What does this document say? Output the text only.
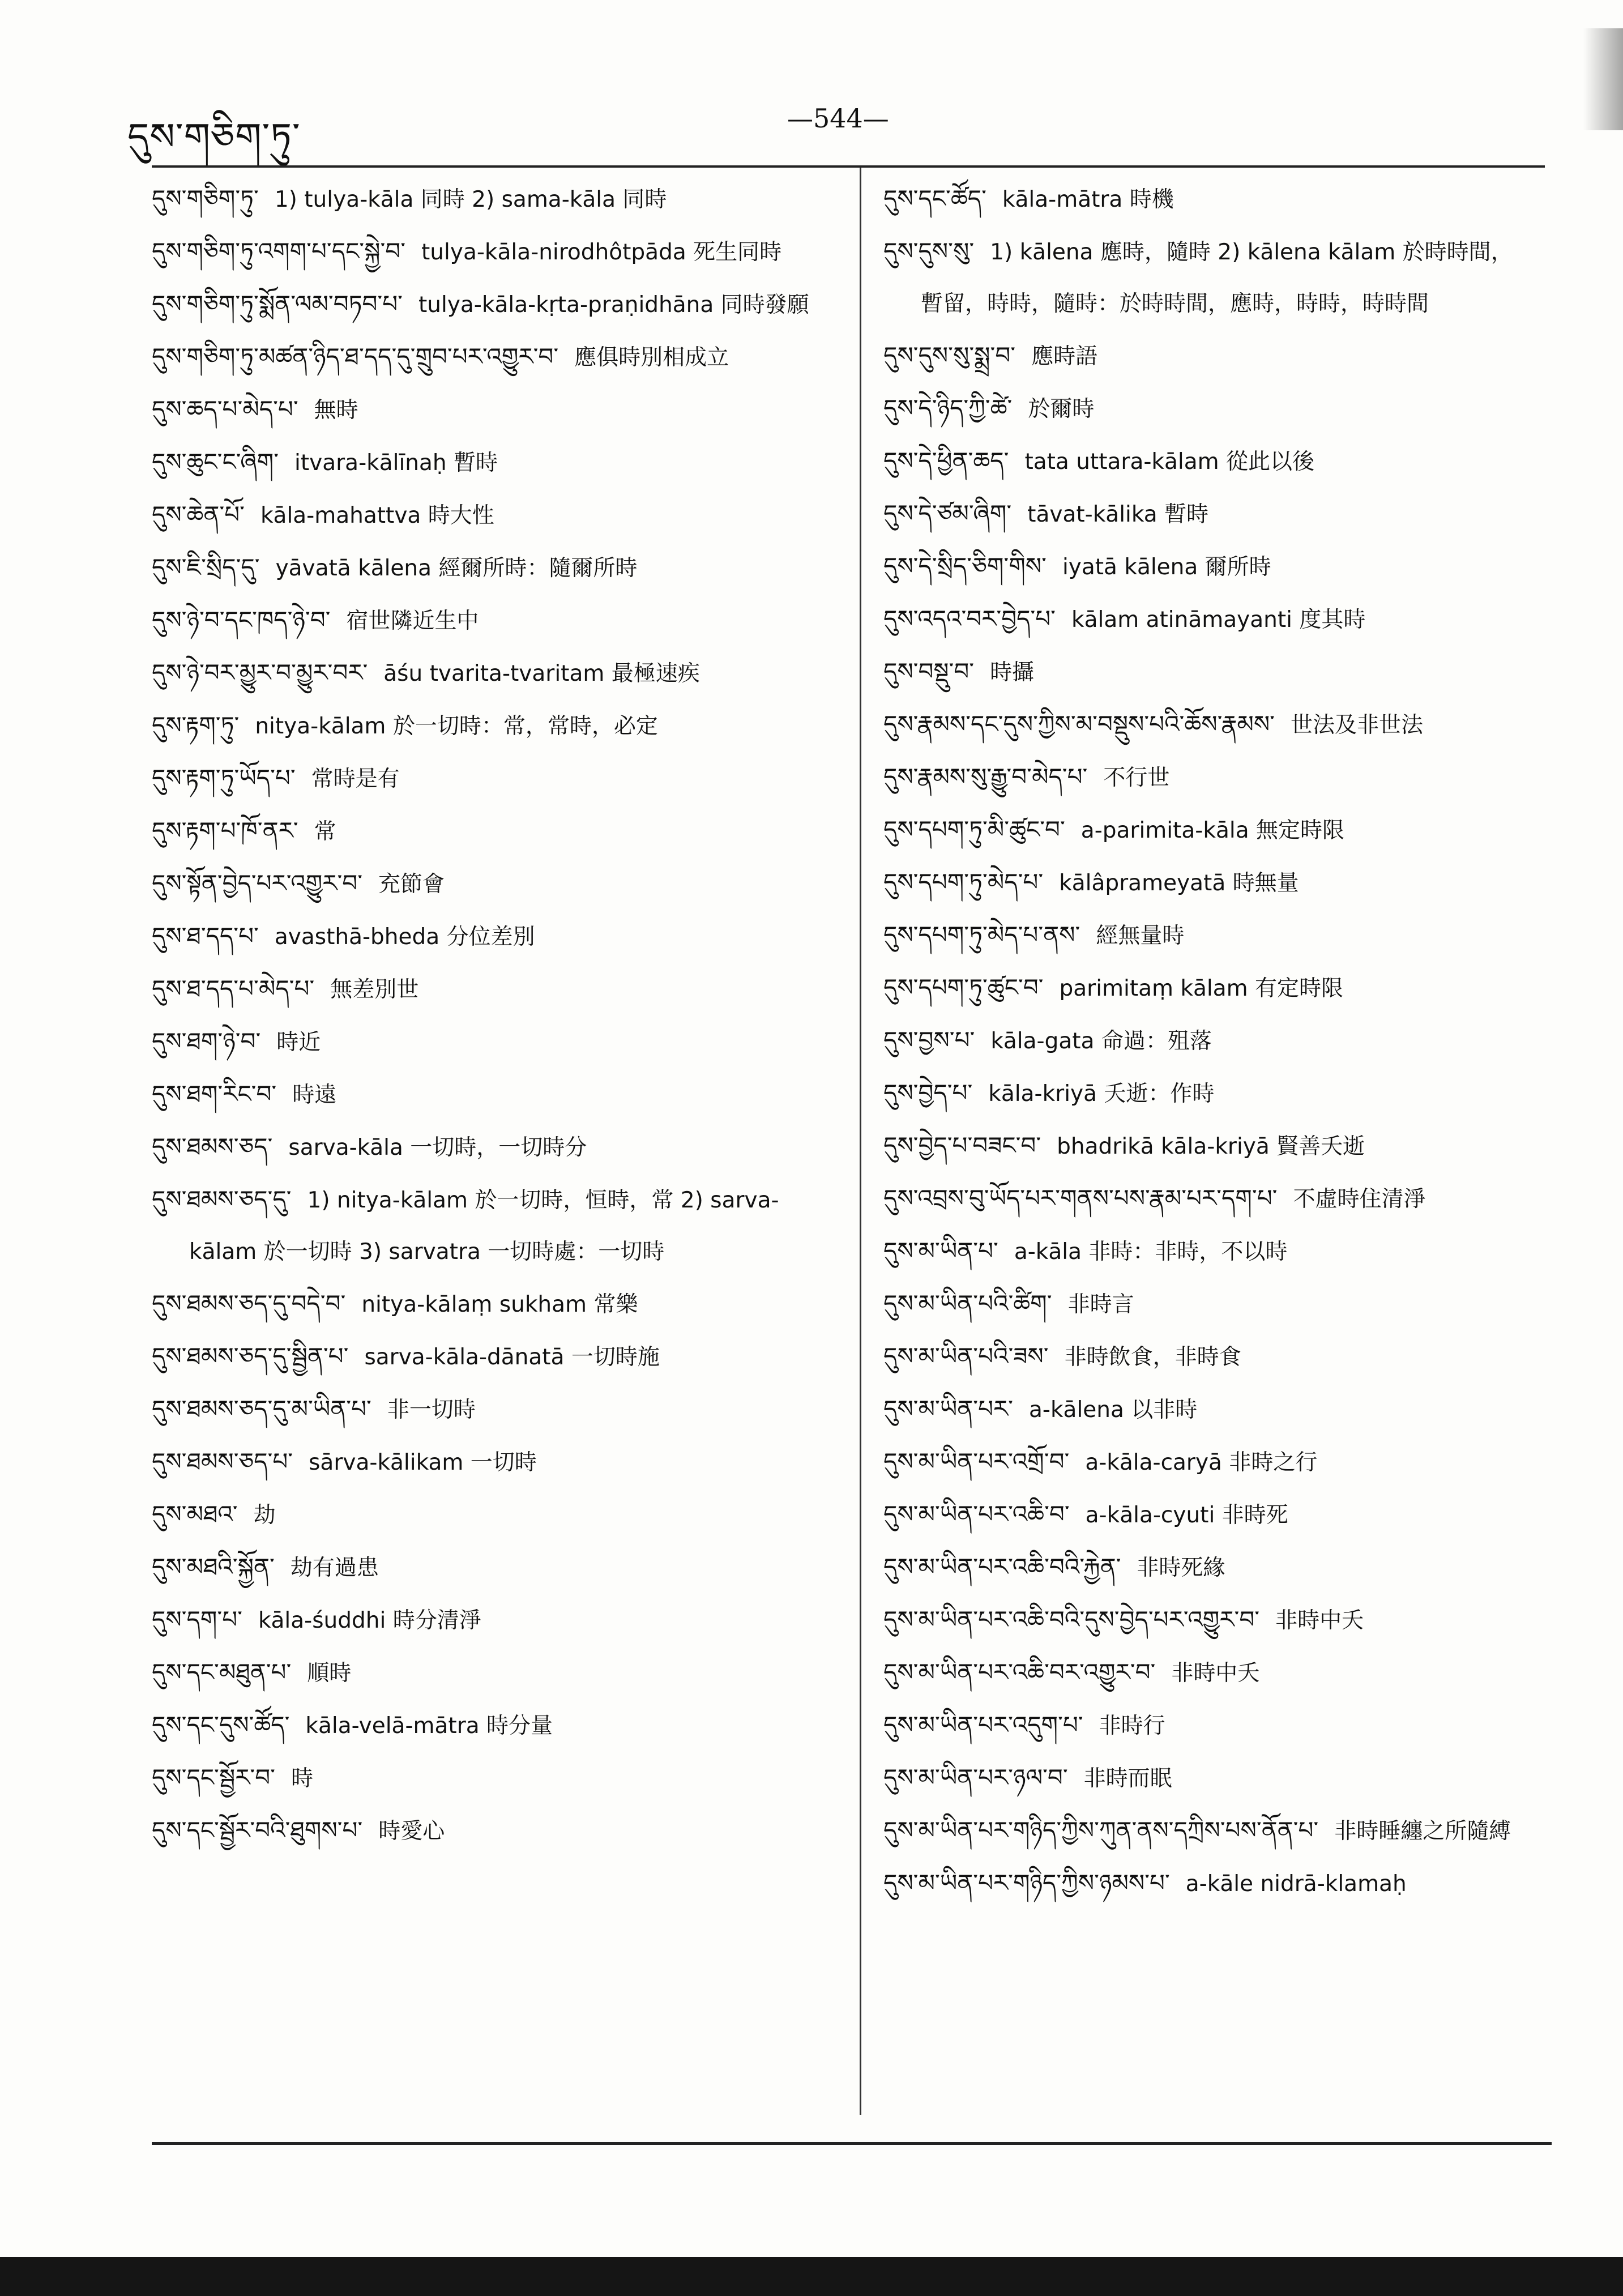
དུས་གཅིག་ཏུ་	—544—
དུས་གཅིག་ཏུ་ 1) tulya-kāla 同時 2) sama-kāla 同時
དུས་གཅིག་ཏུ་འགག་པ་དང་སྐྱེ་བ་ tulya-kāla-nirodhôtpāda 死生同時
དུས་གཅིག་ཏུ་སྨོན་ལམ་བཏབ་པ་ tulya-kāla-kṛta-praṇidhāna 同時發願
དུས་གཅིག་ཏུ་མཚན་ཉིད་ཐ་དད་དུ་གྲུབ་པར་འགྱུར་བ་ 應俱時別相成立
དུས་ཆད་པ་མེད་པ་ 無時
དུས་ཆུང་ང་ཞིག་ itvara-kālīnaḥ 暫時
དུས་ཆེན་པོ་ kāla-mahattva 時大性
དུས་ཇི་སྲིད་དུ་ yāvatā kālena 經爾所時：隨爾所時
དུས་ཉེ་བ་དང་ཁད་ཉེ་བ་ 宿世隣近生中
དུས་ཉེ་བར་མྱུར་བ་མྱུར་བར་ āśu tvarita-tvaritam 最極速疾
དུས་རྟག་ཏུ་ nitya-kālam 於一切時：常，常時，必定
དུས་རྟག་ཏུ་ཡོད་པ་ 常時是有
དུས་རྟག་པ་ཁོ་ནར་ 常
དུས་སྟོན་བྱེད་པར་འགྱུར་བ་ 充節會
དུས་ཐ་དད་པ་ avasthā-bheda 分位差別
དུས་ཐ་དད་པ་མེད་པ་ 無差別世
དུས་ཐག་ཉེ་བ་ 時近
དུས་ཐག་རིང་བ་ 時遠
དུས་ཐམས་ཅད་ sarva-kāla 一切時，一切時分
དུས་ཐམས་ཅད་དུ་ 1) nitya-kālam 於一切時，恒時，常 2) sarva-kālam 於一切時 3) sarvatra 一切時處：一切時
དུས་ཐམས་ཅད་དུ་བདེ་བ་ nitya-kālaṃ sukham 常樂
དུས་ཐམས་ཅད་དུ་སྦྱིན་པ་ sarva-kāla-dānatā 一切時施
དུས་ཐམས་ཅད་དུ་མ་ཡིན་པ་ 非一切時
དུས་ཐམས་ཅད་པ་ sārva-kālikam 一切時
དུས་མཐའ་ 劫
དུས་མཐའི་སྐྱོན་ 劫有過患
དུས་དག་པ་ kāla-śuddhi 時分清淨
དུས་དང་མཐུན་པ་ 順時
དུས་དང་དུས་ཚོད་ kāla-velā-mātra 時分量
དུས་དང་སྦྱོར་བ་ 時
དུས་དང་སྦྱོར་བའི་ཐུགས་པ་ 時愛心
དུས་དང་ཚོད་ kāla-mātra 時機
དུས་དུས་སུ་ 1) kālena 應時，隨時 2) kālena kālam 於時時間，暫留，時時，隨時：於時時間，應時，時時，時時間
དུས་དུས་སུ་སྨྲ་བ་ 應時語
དུས་དེ་ཉིད་ཀྱི་ཚེ་ 於爾時
དུས་དེ་ཕྱིན་ཆད་ tata uttara-kālam 從此以後
དུས་དེ་ཙམ་ཞིག་ tāvat-kālika 暫時
དུས་དེ་སྲིད་ཅིག་གིས་ iyatā kālena 爾所時
དུས་འདའ་བར་བྱེད་པ་ kālam atināmayanti 度其時
དུས་བསྡུ་བ་ 時攝
དུས་རྣམས་དང་དུས་ཀྱིས་མ་བསྡུས་པའི་ཆོས་རྣམས་ 世法及非世法
དུས་རྣམས་སུ་རྒྱུ་བ་མེད་པ་ 不行世
དུས་དཔག་ཏུ་མི་ཚུང་བ་ a-parimita-kāla 無定時限
དུས་དཔག་ཏུ་མེད་པ་ kālâprameyatā 時無量
དུས་དཔག་ཏུ་མེད་པ་ནས་ 經無量時
དུས་དཔག་ཏུ་ཚུང་བ་ parimitaṃ kālam 有定時限
དུས་བྱས་པ་ kāla-gata 命過：殂落
དུས་བྱེད་པ་ kāla-kriyā 夭逝：作時
དུས་བྱེད་པ་བཟང་བ་ bhadrikā kāla-kriyā 賢善夭逝
དུས་འབྲས་བུ་ཡོད་པར་གནས་པས་རྣམ་པར་དག་པ་ 不虛時住清淨
དུས་མ་ཡིན་པ་ a-kāla 非時：非時，不以時
དུས་མ་ཡིན་པའི་ཚིག་ 非時言
དུས་མ་ཡིན་པའི་ཟས་ 非時飲食，非時食
དུས་མ་ཡིན་པར་ a-kālena 以非時
དུས་མ་ཡིན་པར་འགྲོ་བ་ a-kāla-caryā 非時之行
དུས་མ་ཡིན་པར་འཆི་བ་ a-kāla-cyuti 非時死
དུས་མ་ཡིན་པར་འཆི་བའི་རྐྱེན་ 非時死緣
དུས་མ་ཡིན་པར་འཆི་བའི་དུས་བྱེད་པར་འགྱུར་བ་ 非時中夭
དུས་མ་ཡིན་པར་འཆི་བར་འགྱུར་བ་ 非時中夭
དུས་མ་ཡིན་པར་འདུག་པ་ 非時行
དུས་མ་ཡིན་པར་ཉལ་བ་ 非時而眠
དུས་མ་ཡིན་པར་གཉིད་ཀྱིས་ཀུན་ནས་དཀྲིས་པས་ནོན་པ་ 非時睡纏之所隨縛
དུས་མ་ཡིན་པར་གཉིད་ཀྱིས་ཉམས་པ་ a-kāle nidrā-klamaḥ
